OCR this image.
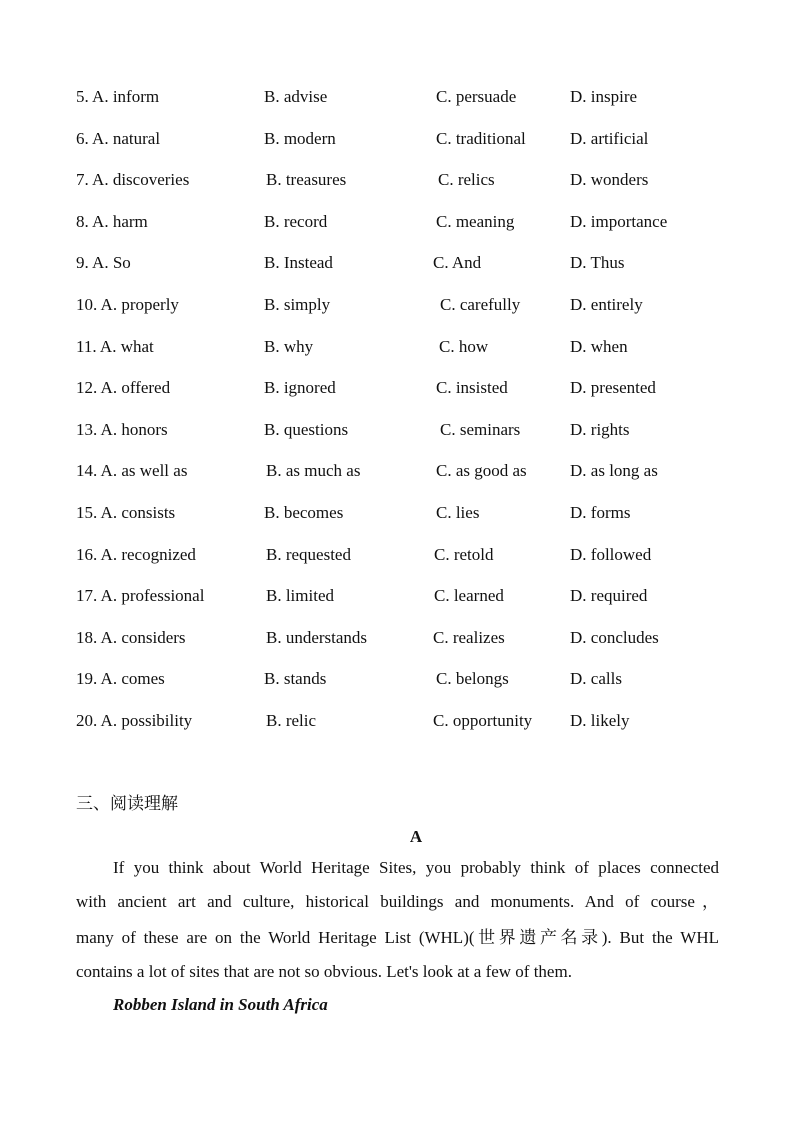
5. A. inform	B. advise	C. persuade	D. inspire
6. A. natural	B. modern	C. traditional	D. artificial
7. A. discoveries	B. treasures	C. relics	D. wonders
8. A. harm	B. record	C. meaning	D. importance
9. A. So	B. Instead	C. And	D. Thus
10. A. properly	B. simply	C. carefully	D. entirely
11. A. what	B. why	C. how	D. when
12. A. offered	B. ignored	C. insisted	D. presented
13. A. honors	B. questions	C. seminars	D. rights
14. A. as well as	B. as much as	C. as good as	D. as long as
15. A. consists	B. becomes	C. lies	D. forms
16. A. recognized	B. requested	C. retold	D. followed
17. A. professional	B. limited	C. learned	D. required
18. A. considers	B. understands	C. realizes	D. concludes
19. A. comes	B. stands	C. belongs	D. calls
20. A. possibility	B. relic	C. opportunity D. likely
三、阅读理解
A
If you think about World Heritage Sites, you probably think of places connected
with ancient art and culture, historical buildings and monuments. And of course，
many of these are on the World Heritage List (WHL)(世界遗产名录). But the WHL
contains a lot of sites that are not so obvious. Let's look at a few of them.
Robben Island in South Africa
